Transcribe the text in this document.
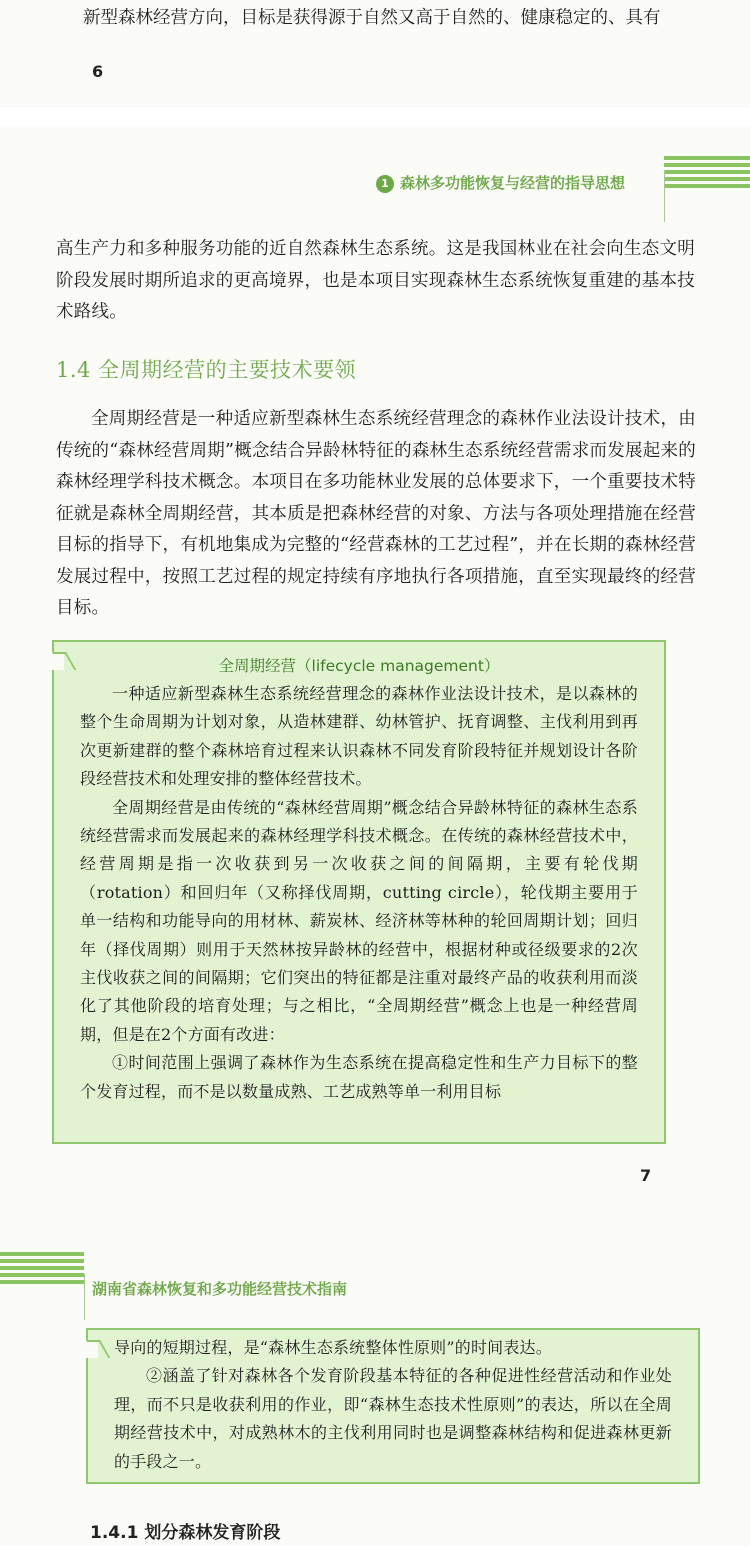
新型森林经营方向，目标是获得源于自然又高于自然的、健康稳定的、具有
6
1 森林多功能恢复与经营的指导思想

高生产力和多种服务功能的近自然森林生态系统。这是我国林业在社会向生态文明阶段发展时期所追求的更高境界，也是本项目实现森林生态系统恢复重建的基本技术路线。

1.4 全周期经营的主要技术要领

全周期经营是一种适应新型森林生态系统经营理念的森林作业法设计技术，由传统的“森林经营周期”概念结合异龄林特征的森林生态系统经营需求而发展起来的森林经理学科技术概念。本项目在多功能林业发展的总体要求下，一个重要技术特征就是森林全周期经营，其本质是把森林经营的对象、方法与各项处理措施在经营目标的指导下，有机地集成为完整的“经营森林的工艺过程”，并在长期的森林经营发展过程中，按照工艺过程的规定持续有序地执行各项措施，直至实现最终的经营目标。

全周期经营（lifecycle management）

一种适应新型森林生态系统经营理念的森林作业法设计技术，是以森林的整个生命周期为计划对象，从造林建群、幼林管护、抚育调整、主伐利用到再次更新建群的整个森林培育过程来认识森林不同发育阶段特征并规划设计各阶段经营技术和处理安排的整体经营技术。

全周期经营是由传统的“森林经营周期”概念结合异龄林特征的森林生态系统经营需求而发展起来的森林经理学科技术概念。在传统的森林经营技术中，经营周期是指一次收获到另一次收获之间的间隔期，主要有轮伐期（rotation）和回归年（又称择伐周期，cutting circle），轮伐期主要用于单一结构和功能导向的用材林、薪炭林、经济林等林种的轮回周期计划；回归年（择伐周期）则用于天然林按异龄林的经营中，根据材种或径级要求的2次主伐收获之间的间隔期；它们突出的特征都是注重对最终产品的收获利用而淡化了其他阶段的培育处理；与之相比，“全周期经营”概念上也是一种经营周期，但是在2个方面有改进：

①时间范围上强调了森林作为生态系统在提高稳定性和生产力目标下的整个发育过程，而不是以数量成熟、工艺成熟等单一利用目标

7
湖南省森林恢复和多功能经营技术指南

导向的短期过程，是“森林生态系统整体性原则”的时间表达。

②涵盖了针对森林各个发育阶段基本特征的各种促进性经营活动和作业处理，而不只是收获利用的作业，即“森林生态技术性原则”的表达，所以在全周期经营技术中，对成熟林木的主伐利用同时也是调整森林结构和促进森林更新的手段之一。

1.4.1 划分森林发育阶段
